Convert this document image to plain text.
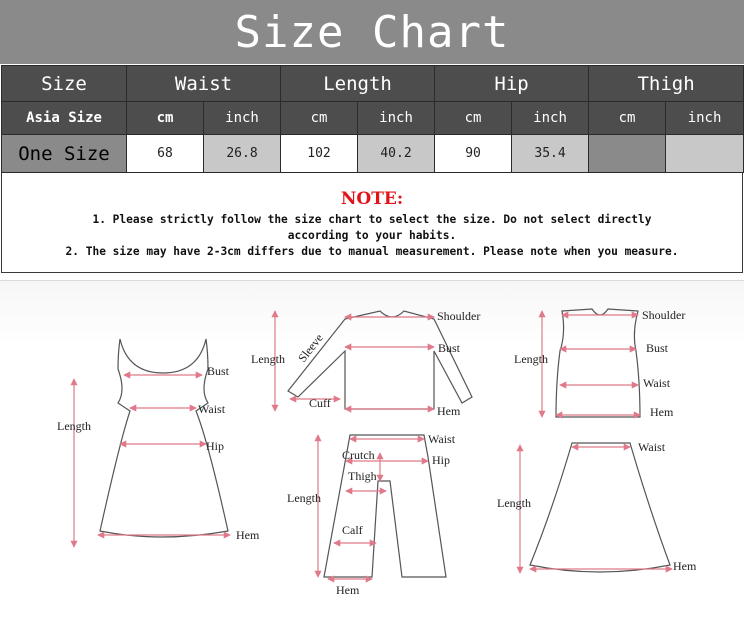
Size Chart
Size	Waist		Length		Hip		Thigh	
Asia Size	cm	inch	cm	inch	cm	inch	cm	inch
One Size	68	26.8	102	40.2	90	35.4		
NOTE:
1. Please strictly follow the size chart to select the size. Do not select directly
according to your habits.
2. The size may have 2-3cm differs due to manual measurement. Please note when you measure.
Length
Bust
Waist
Hip
Hem
Shoulder
Sleeve
Length
Bust
Cuff
Hem
Shoulder
Length
Bust
Waist
Hem
Waist
Crutch	Hip
Thigh
Length
Calf
Hem
Waist
Length
Hem
